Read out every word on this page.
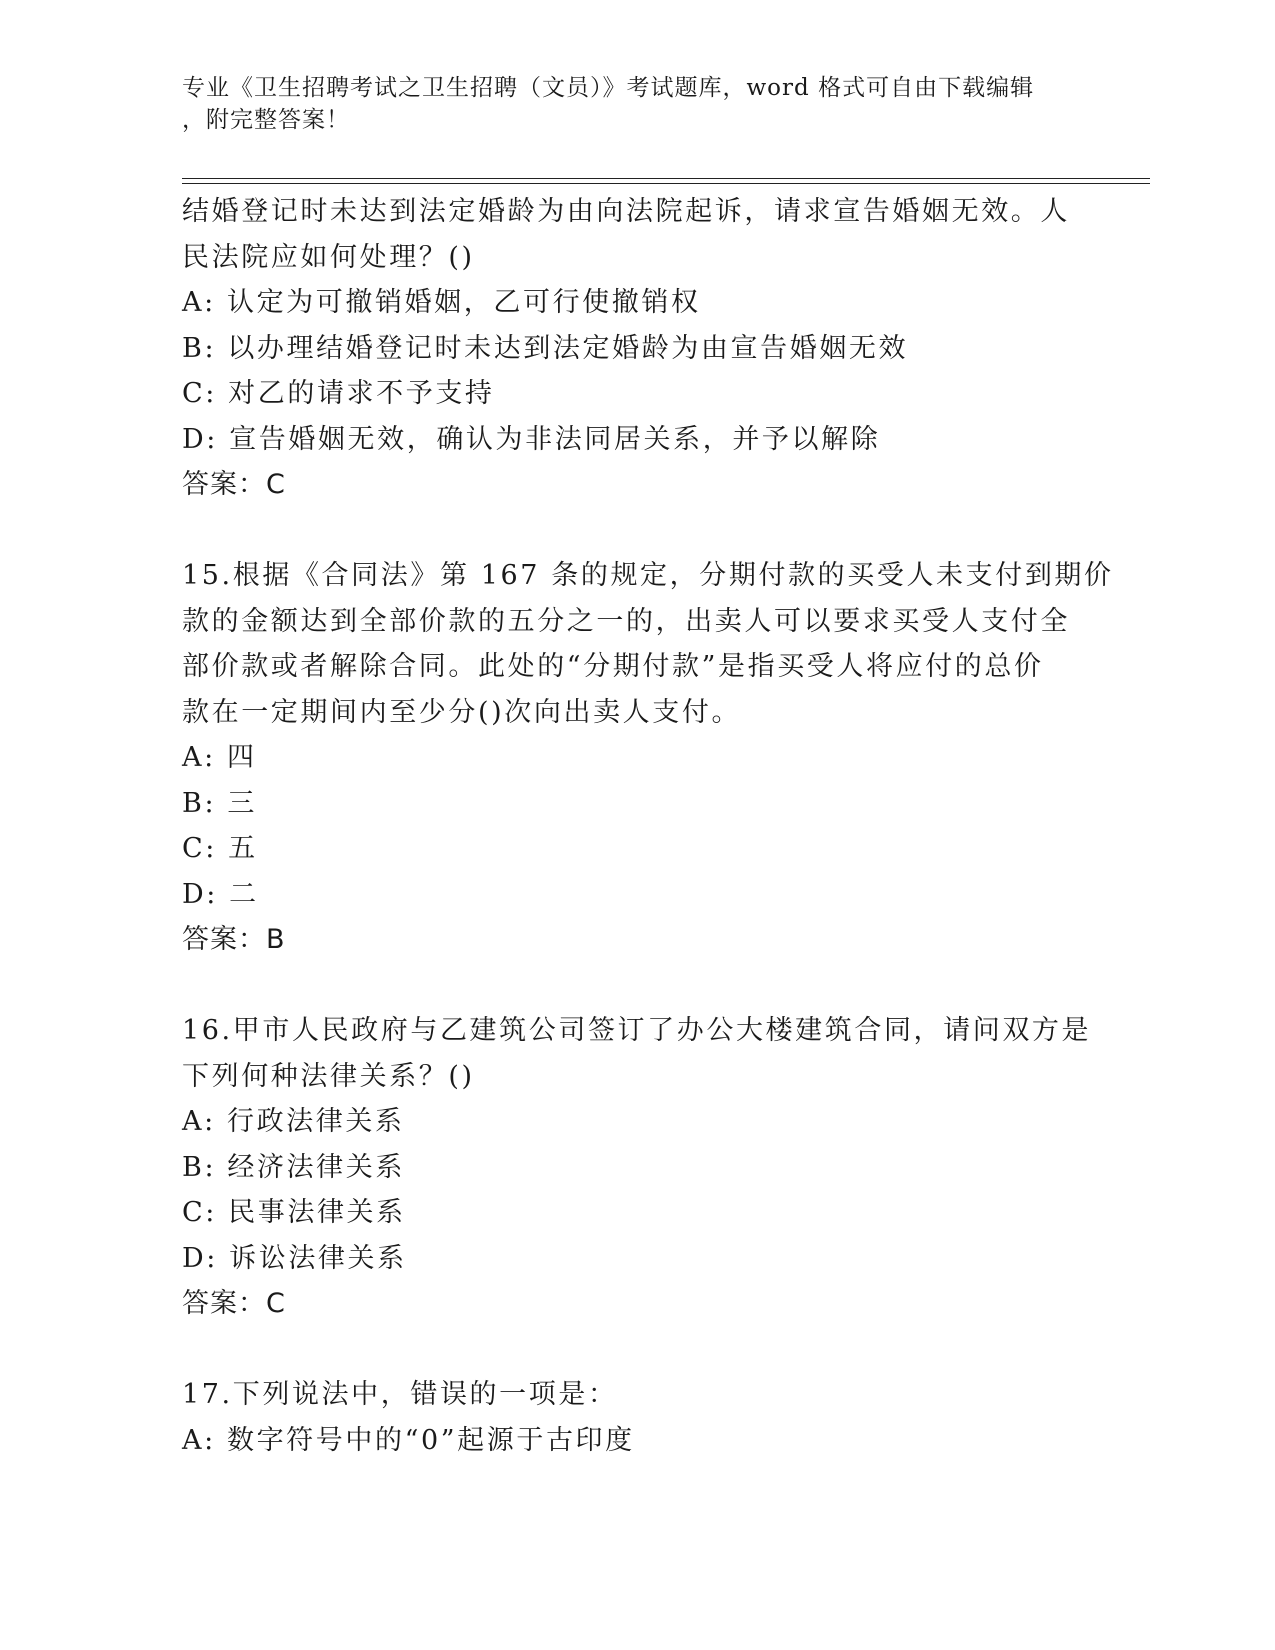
专业《卫生招聘考试之卫生招聘（文员）》考试题库，word 格式可自由下载编辑
，附完整答案！
结婚登记时未达到法定婚龄为由向法院起诉，请求宣告婚姻无效。人
民法院应如何处理？()
A: 认定为可撤销婚姻，乙可行使撤销权
B: 以办理结婚登记时未达到法定婚龄为由宣告婚姻无效
C: 对乙的请求不予支持
D: 宣告婚姻无效，确认为非法同居关系，并予以解除
答案：C
15.根据《合同法》第 167 条的规定，分期付款的买受人未支付到期价
款的金额达到全部价款的五分之一的，出卖人可以要求买受人支付全
部价款或者解除合同。此处的“分期付款”是指买受人将应付的总价
款在一定期间内至少分()次向出卖人支付。
A: 四
B: 三
C: 五
D: 二
答案：B
16.甲市人民政府与乙建筑公司签订了办公大楼建筑合同，请问双方是
下列何种法律关系？()
A: 行政法律关系
B: 经济法律关系
C: 民事法律关系
D: 诉讼法律关系
答案：C
17.下列说法中，错误的一项是：
A: 数字符号中的“0”起源于古印度
